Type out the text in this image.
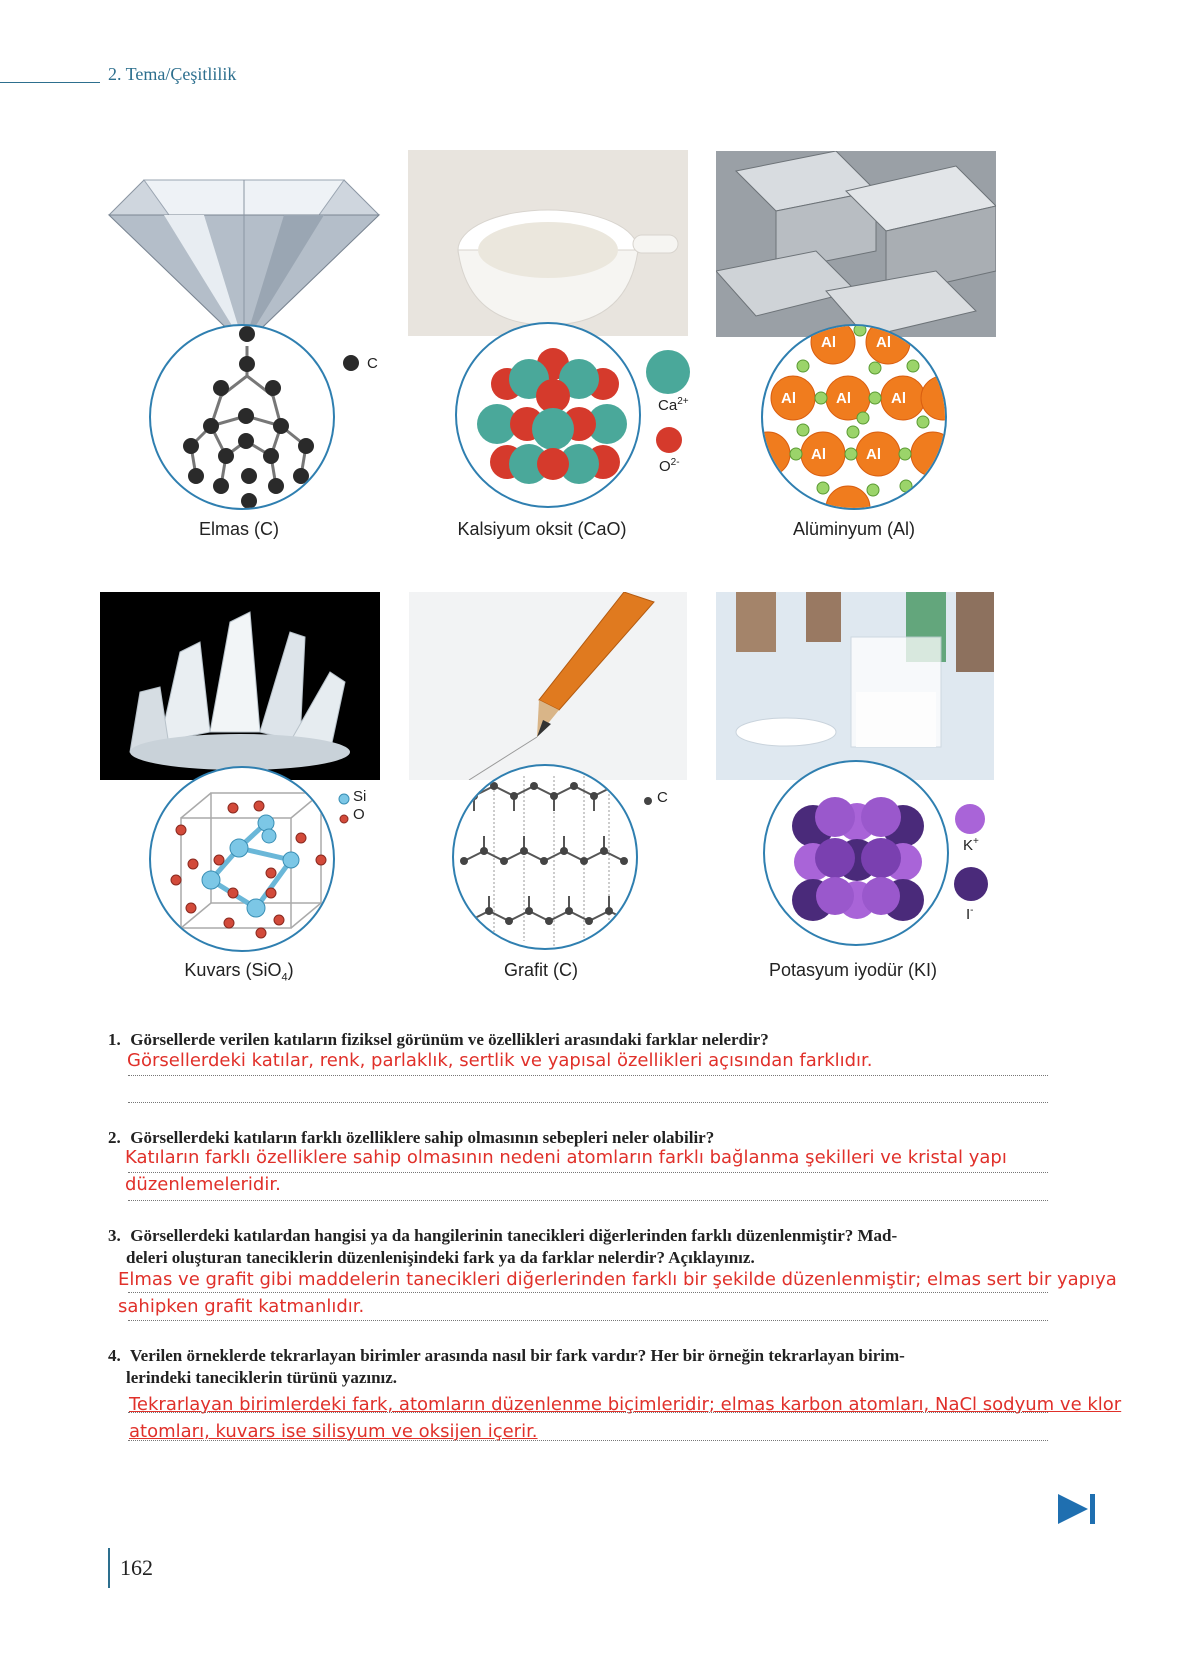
2. Tema/Çeşitlilik
C
Elmas (C)
$Ca^{2+}$
$O^{2-}$
Kalsiyum oksit (CaO)
Al	Al
Al	Al	Al
Al	Al
Alüminyum (Al)
Si
O
Kuvars (SiO$_4$)
C
Grafit (C)
K+
I-
Potasyum iyodür (KI)
1. Görsellerde verilen katıların fiziksel görünüm ve özellikleri arasındaki farklar nelerdir?
Görsellerdeki katılar, renk, parlaklık, sertlik ve yapısal özellikleri açısından farklıdır.
2. Görsellerdeki katıların farklı özelliklere sahip olmasının sebepleri neler olabilir?
Katıların farklı özelliklere sahip olmasının nedeni atomların farklı bağlanma şekilleri ve kristal yapı
düzenlemeleridir.
3. Görsellerdeki katılardan hangisi ya da hangilerinin tanecikleri diğerlerinden farklı düzenlenmiştir? Mad-
deleri oluşturan taneciklerin düzenlenişindeki fark ya da farklar nelerdir? Açıklayınız.
Elmas ve grafit gibi maddelerin tanecikleri diğerlerinden farklı bir şekilde düzenlenmiştir; elmas sert bir yapıya
sahipken grafit katmanlıdır.
4. Verilen örneklerde tekrarlayan birimler arasında nasıl bir fark vardır? Her bir örneğin tekrarlayan birim-
lerindeki taneciklerin türünü yazınız.
Tekrarlayan birimlerdeki fark, atomların düzenlenme biçimleridir; elmas karbon atomları, NaCl sodyum ve klor
atomları, kuvars ise silisyum ve oksijen içerir.
162
